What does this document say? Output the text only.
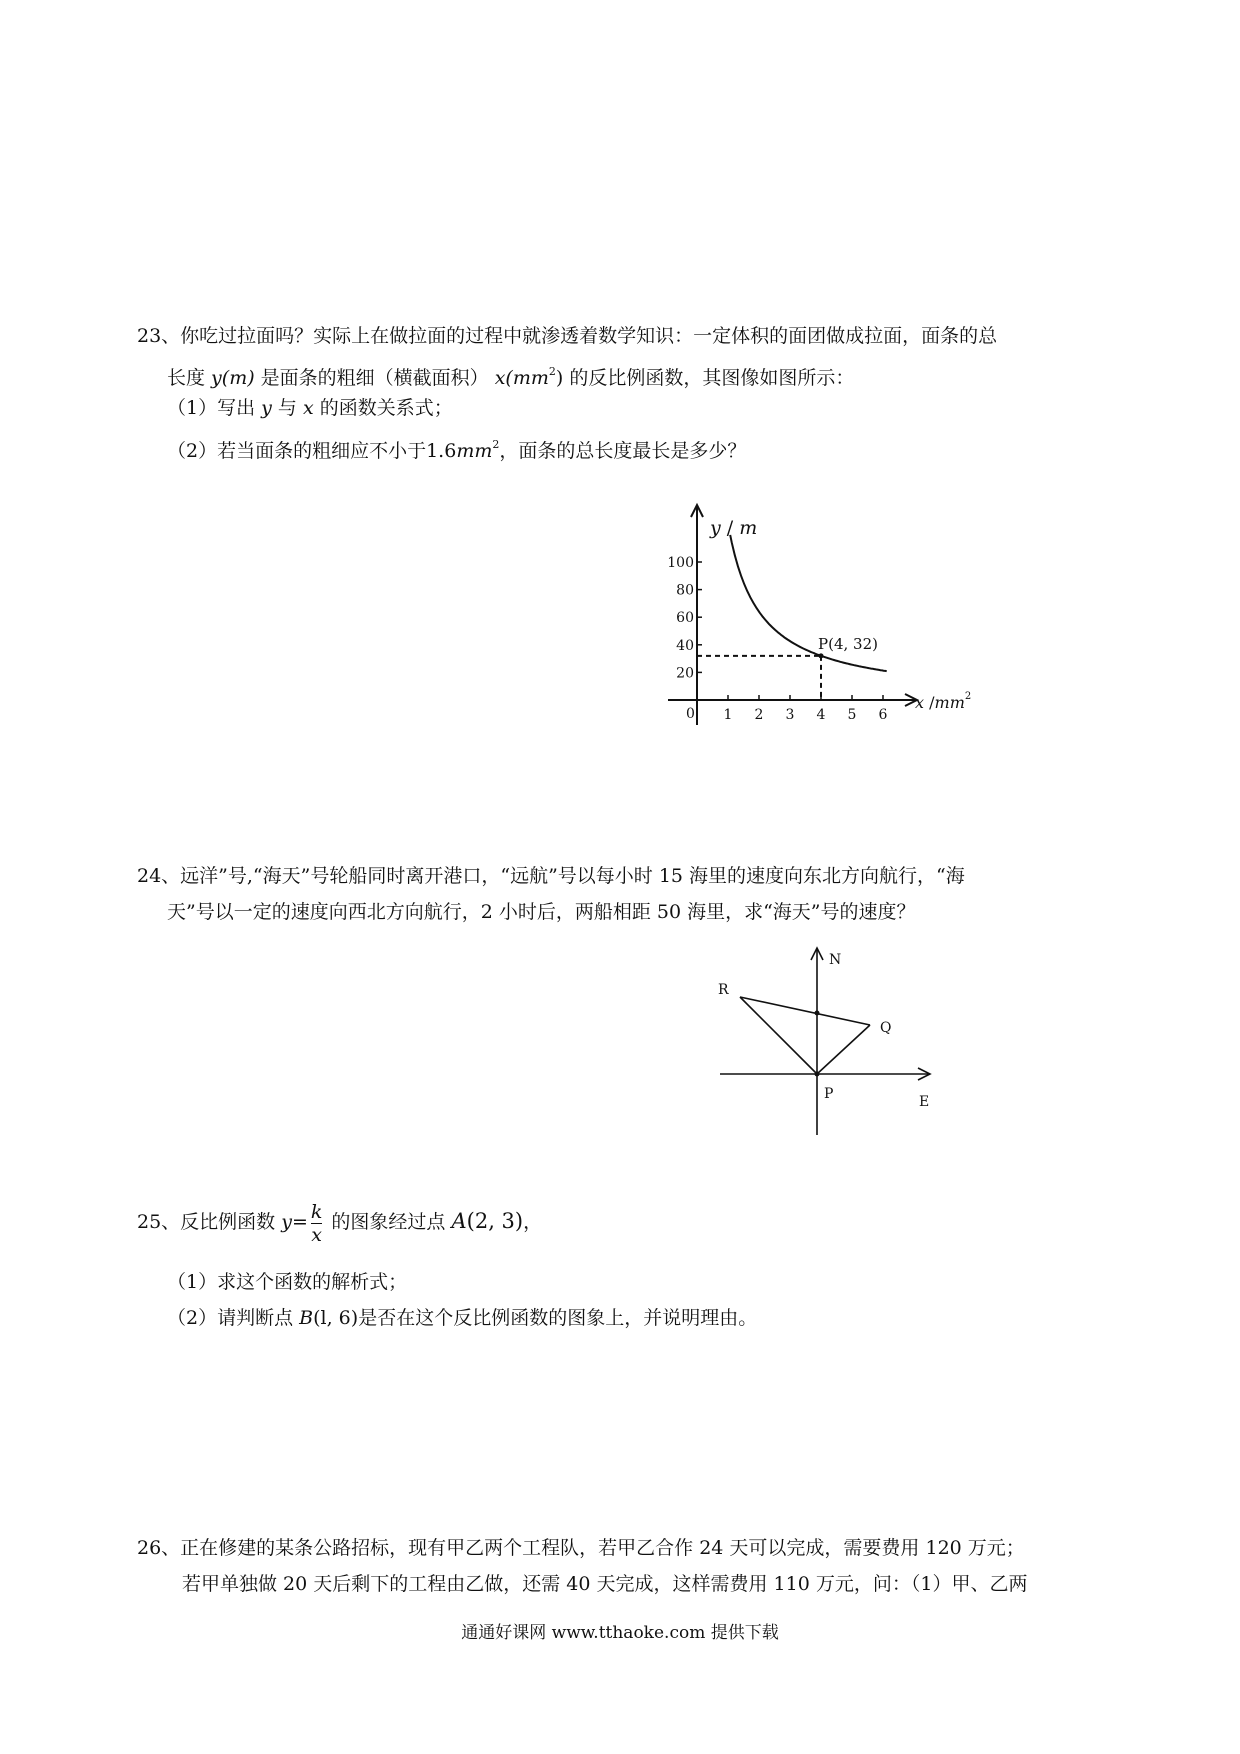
23、你吃过拉面吗？实际上在做拉面的过程中就渗透着数学知识：一定体积的面团做成拉面，面条的总
长度 y(m) 是面条的粗细（横截面积） $x(mm^2)$ 的反比例函数，其图像如图所示：
（1）写出 y 与 x 的函数关系式；
（2）若当面条的粗细应不小于$1.6mm^2$，面条的总长度最长是多少？
1 2 3 4 5 6
20
40
60
80
100
y / m
x $/mm^2$
0
P(4, 32)
24、远洋”号,“海天”号轮船同时离开港口，“远航”号以每小时 15 海里的速度向东北方向航行，“海
天”号以一定的速度向西北方向航行，2 小时后，两船相距 50 海里，求“海天”号的速度？
N
R
Q
P	E
25、反比例函数 $y= \frac{k}{x}$ 的图象经过点 A(2, 3)，
（1）求这个函数的解析式；
（2）请判断点 B(l, 6)是否在这个反比例函数的图象上，并说明理由。
26、正在修建的某条公路招标，现有甲乙两个工程队，若甲乙合作 24 天可以完成，需要费用 120 万元；
若甲单独做 20 天后剩下的工程由乙做，还需 40 天完成，这样需费用 110 万元，问：（1）甲、乙两
通通好课网 www.tthaoke.com 提供下载
